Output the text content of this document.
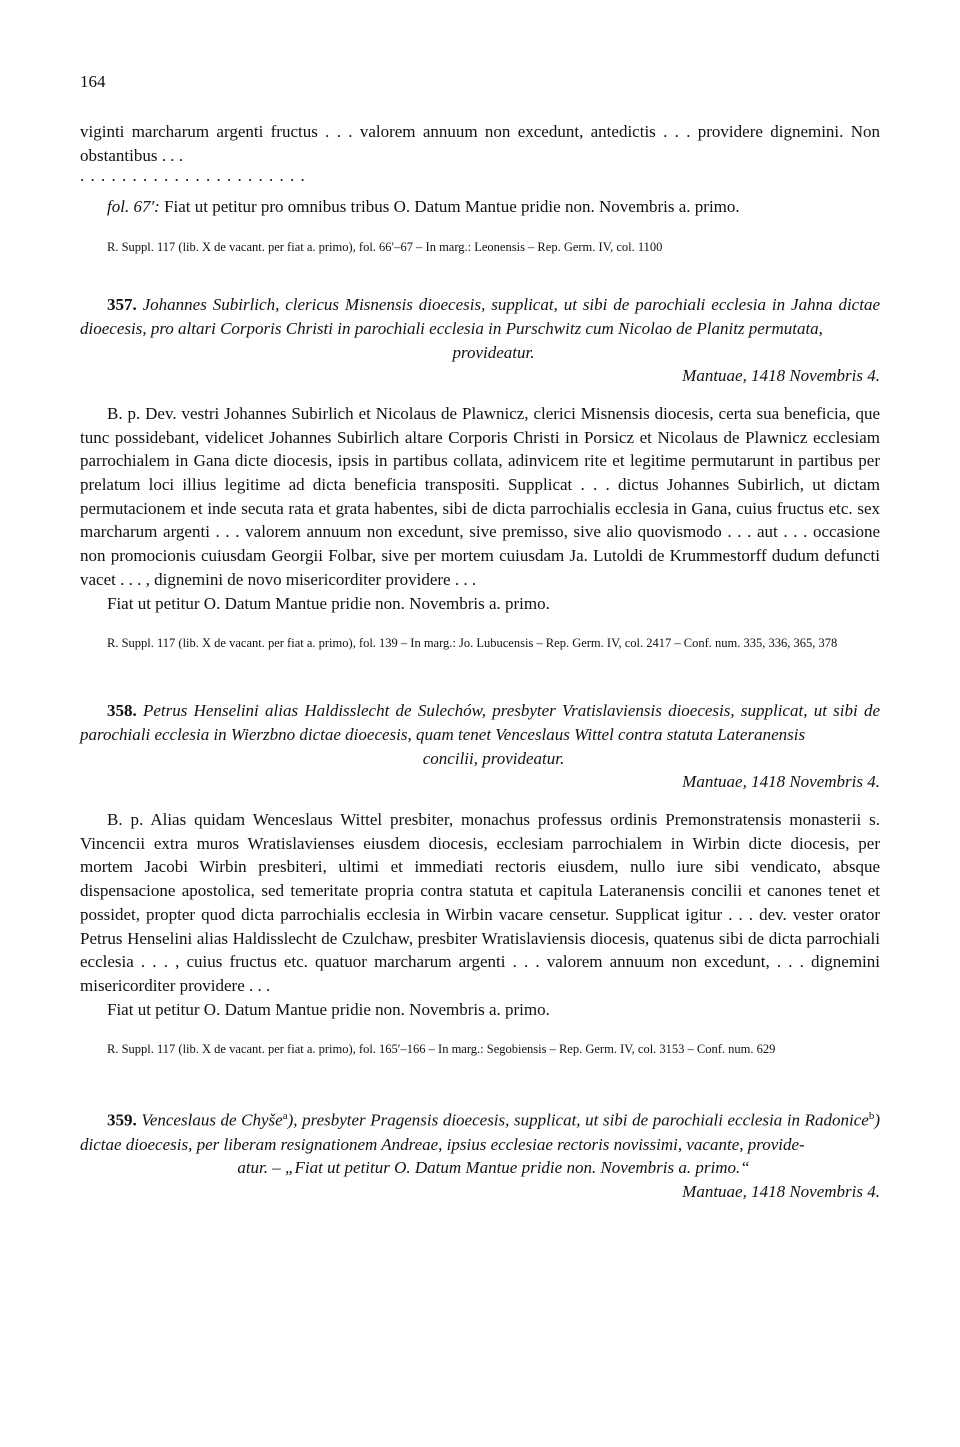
164

viginti marcharum argenti fructus . . . valorem annuum non excedunt, antedictis . . . providere dignemini. Non obstantibus . . .

. . . . . . . . . . . . . . . . . . . . . .

fol. 67′: Fiat ut petitur pro omnibus tribus O. Datum Mantue pridie non. Novembris a. primo.

R. Suppl. 117 (lib. X de vacant. per fiat a. primo), fol. 66′–67 – In marg.: Leonensis – Rep. Germ. IV, col. 1100

357. Johannes Subirlich, clericus Misnensis dioecesis, supplicat, ut sibi de parochiali ecclesia in Jahna dictae dioecesis, pro altari Corporis Christi in parochiali ecclesia in Purschwitz cum Nicolao de Planitz permutata,
provideatur.

Mantuae, 1418 Novembris 4.

B. p. Dev. vestri Johannes Subirlich et Nicolaus de Plawnicz, clerici Misnensis diocesis, certa sua beneficia, que tunc possidebant, videlicet Johannes Subirlich altare Corporis Christi in Porsicz et Nicolaus de Plawnicz ecclesiam parrochialem in Gana dicte diocesis, ipsis in partibus collata, adinvicem rite et legitime permutarunt in partibus per prelatum loci illius legitime ad dicta beneficia transpositi. Supplicat . . . dictus Johannes Subirlich, ut dictam permutacionem et inde secuta rata et grata habentes, sibi de dicta parrochialis ecclesia in Gana, cuius fructus etc. sex marcharum argenti . . . valorem annuum non excedunt, sive premisso, sive alio quovismodo . . . aut . . . occasione non promocionis cuiusdam Georgii Folbar, sive per mortem cuiusdam Ja. Lutoldi de Krummestorff dudum defuncti vacet . . . , dignemini de novo misericorditer providere . . .

Fiat ut petitur O. Datum Mantue pridie non. Novembris a. primo.

R. Suppl. 117 (lib. X de vacant. per fiat a. primo), fol. 139 – In marg.: Jo. Lubucensis – Rep. Germ. IV, col. 2417 – Conf. num. 335, 336, 365, 378

358. Petrus Henselini alias Haldisslecht de Sulechów, presbyter Vratislaviensis dioecesis, supplicat, ut sibi de parochiali ecclesia in Wierzbno dictae dioecesis, quam tenet Venceslaus Wittel contra statuta Lateranensis
concilii, provideatur.

Mantuae, 1418 Novembris 4.

B. p. Alias quidam Wenceslaus Wittel presbiter, monachus professus ordinis Premonstratensis monasterii s. Vincencii extra muros Wratislavienses eiusdem diocesis, ecclesiam parrochialem in Wirbin dicte diocesis, per mortem Jacobi Wirbin presbiteri, ultimi et immediati rectoris eiusdem, nullo iure sibi vendicato, absque dispensacione apostolica, sed temeritate propria contra statuta et capitula Lateranensis concilii et canones tenet et possidet, propter quod dicta parrochialis ecclesia in Wirbin vacare censetur. Supplicat igitur . . . dev. vester orator Petrus Henselini alias Haldisslecht de Czulchaw, presbiter Wratislaviensis diocesis, quatenus sibi de dicta parrochiali ecclesia . . . , cuius fructus etc. quatuor marcharum argenti . . . valorem annuum non excedunt, . . . dignemini misericorditer providere . . .

Fiat ut petitur O. Datum Mantue pridie non. Novembris a. primo.

R. Suppl. 117 (lib. X de vacant. per fiat a. primo), fol. 165′–166 – In marg.: Segobiensis – Rep. Germ. IV, col. 3153 – Conf. num. 629

359. Venceslaus de Chyše$^a$), presbyter Pragensis dioecesis, supplicat, ut sibi de parochiali ecclesia in Radonice$^b$) dictae dioecesis, per liberam resignationem Andreae, ipsius ecclesiae rectoris novissimi, vacante, provide-
atur. – „Fiat ut petitur O. Datum Mantue pridie non. Novembris a. primo.“

Mantuae, 1418 Novembris 4.
